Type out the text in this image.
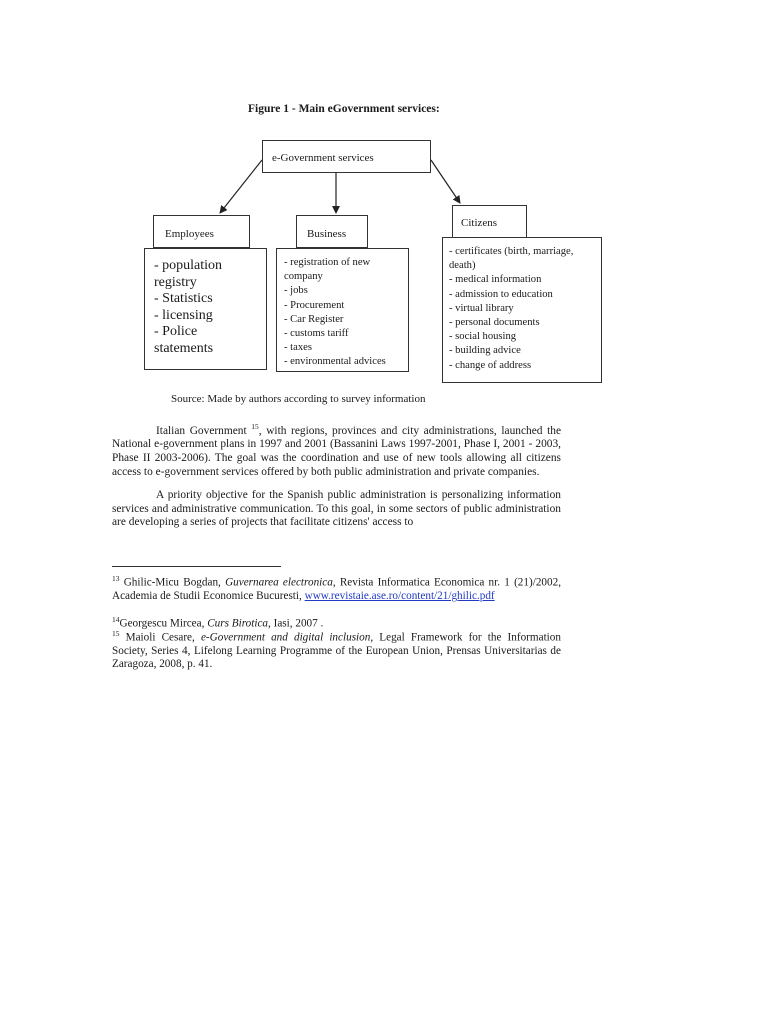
Figure 1 - Main eGovernment services:
e-Government services
Employees	Business
Citizens
- population
registry
- Statistics
- licensing
- Police
statements
- registration of new
company
- jobs
- Procurement
- Car Register
- customs tariff
- taxes
- environmental advices
- certificates (birth, marriage,
death)
- medical information
- admission to education
- virtual library
- personal documents
- social housing
- building advice
- change of address
Source: Made by authors according to survey information

Italian Government $^{15}$, with regions, provinces and city administrations, launched the National e-government plans in 1997 and 2001 (Bassanini Laws 1997-2001, Phase I, 2001 - 2003, Phase II 2003-2006). The goal was the coordination and use of new tools allowing all citizens access to e-government services offered by both public administration and private companies.

A priority objective for the Spanish public administration is personalizing information services and administrative communication. To this goal, in some sectors of public administration are developing a series of projects that facilitate citizens' access to

$^{13}$ Ghilic-Micu Bogdan, Guvernarea electronica, Revista Informatica Economica nr. 1 (21)/2002, Academia de Studii Economice Bucuresti, www.revistaie.ase.ro/content/21/ghilic.pdf

$^{14}$Georgescu Mircea, Curs Birotica, Iasi, 2007 .

$^{15}$ Maioli Cesare, e-Government and digital inclusion, Legal Framework for the Information Society, Series 4, Lifelong Learning Programme of the European Union, Prensas Universitarias de Zaragoza, 2008, p. 41.
